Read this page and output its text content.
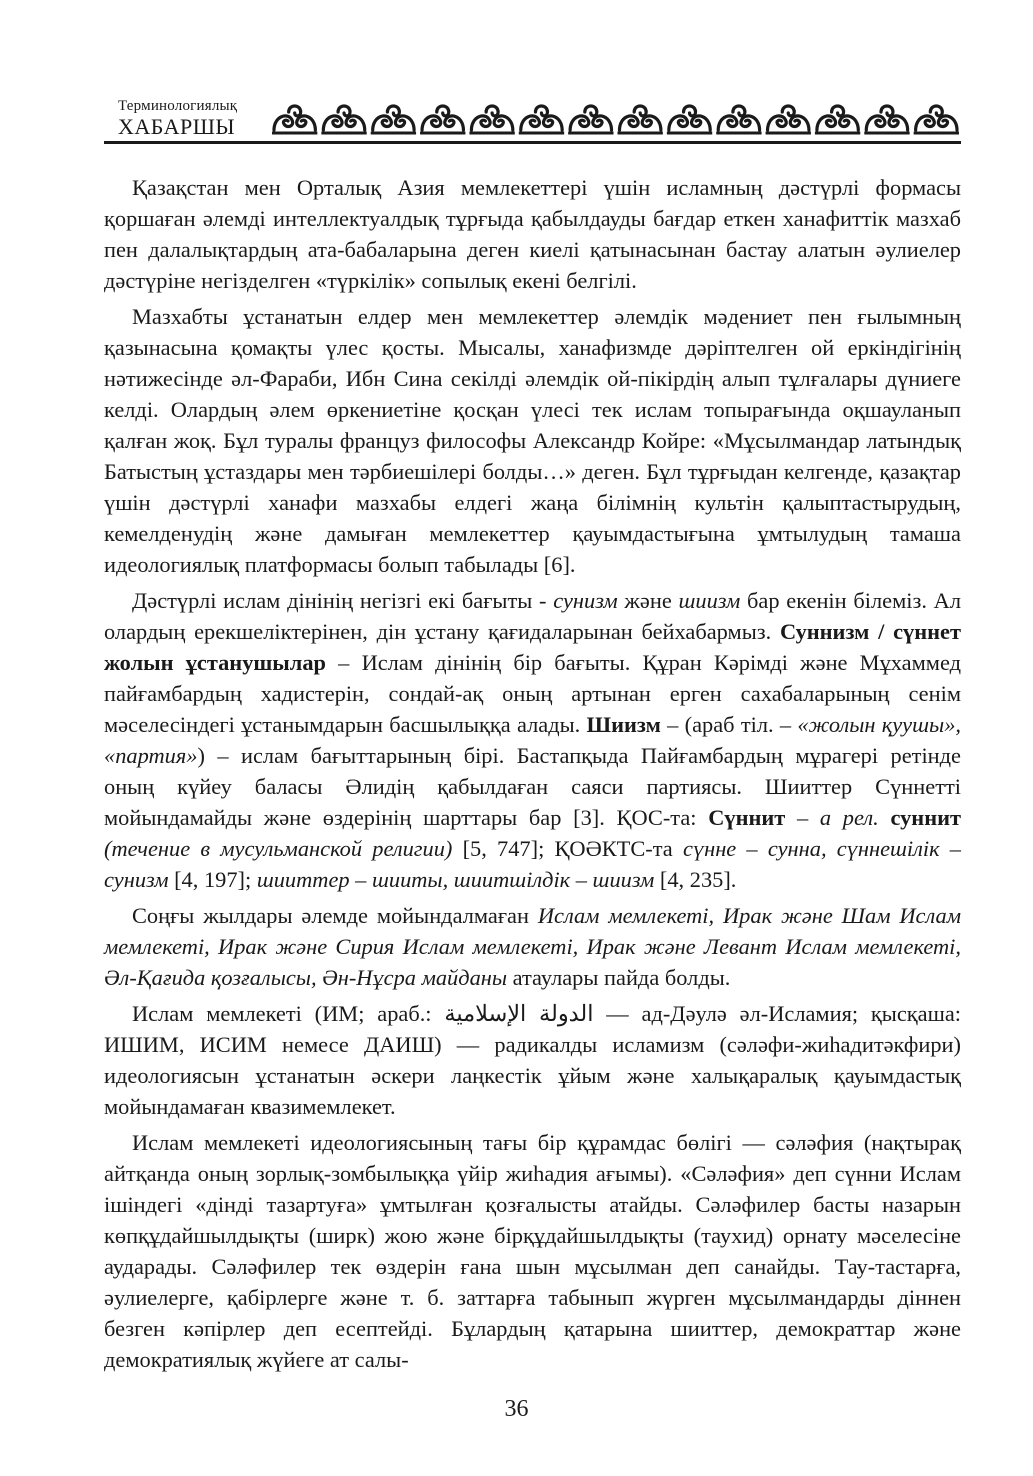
Терминологиялық
ХАБАРШЫ

Қазақстан мен Орталық Азия мемлекеттері үшін исламның дәстүрлі формасы қоршаған әлемді интеллектуалдық тұрғыда қабылдауды бағдар еткен ханафиттік мазхаб пен далалықтардың ата-бабаларына деген киелі қатынасынан бастау алатын әулиелер дәстүріне негізделген «түркілік» сопылық екені белгілі.

Мазхабты ұстанатын елдер мен мемлекеттер әлемдік мәдениет пен ғылымның қазынасына қомақты үлес қосты. Мысалы, ханафизмде дәріптелген ой еркіндігінің нәтижесінде әл-Фараби, Ибн Сина секілді әлемдік ой-пікірдің алып тұлғалары дүниеге келді. Олардың әлем өркениетіне қосқан үлесі тек ислам топырағында оқшауланып қалған жоқ. Бұл туралы француз философы Александр Койре: «Мұсылмандар латындық Батыстың ұстаздары мен тәрбиешілері болды…» деген. Бұл тұрғыдан келгенде, қазақтар үшін дәстүрлі ханафи мазхабы елдегі жаңа білімнің культін қалыптастырудың, кемелденудің және дамыған мемлекеттер қауымдастығына ұмтылудың тамаша идеологиялық платформасы болып табылады [6].

Дәстүрлі ислам дінінің негізгі екі бағыты - сунизм және шиизм бар екенін білеміз. Ал олардың ерекшеліктерінен, дін ұстану қағидаларынан бейхабармыз. Суннизм / сүннет жолын ұстанушылар – Ислам дінінің бір бағыты. Құран Кәрімді және Мұхаммед пайғамбардың хадистерін, сондай-ақ оның артынан ерген сахабаларының сенім мәселесіндегі ұстанымдарын басшылыққа алады. Шиизм – (араб тіл. – «жолын қуушы», «партия») – ислам бағыттарының бірі. Бастапқыда Пайғамбардың мұрагері ретінде оның күйеу баласы Әлидің қабылдаған саяси партиясы. Шииттер Сүннетті мойындамайды және өздерінің шарттары бар [3]. ҚОС-та: Сүннит – а рел. суннит (течение в мусульманской религии) [5, 747]; ҚОӘКТС-та сүнне – сунна, сүннешілік – сунизм [4, 197]; шииттер – шииты, шиитшілдік – шиизм [4, 235].

Соңғы жылдары әлемде мойындалмаған Ислам мемлекеті, Ирак және Шам Ислам мемлекеті, Ирак және Сирия Ислам мемлекеті, Ирак және Левант Ислам мемлекеті, Әл-Қағида қозғалысы, Ән-Нұсра майданы атаулары пайда болды.

Ислам мемлекеті (ИМ; араб.: الدولة الإسلامية — ад-Дәулә әл-Исламия; қысқаша: ИШИМ, ИСИМ немесе ДАИШ) — радикалды исламизм (сәләфи-жиһадитәкфири) идеологиясын ұстанатын әскери лаңкестік ұйым және халықаралық қауымдастық мойындамаған квазимемлекет.

Ислам мемлекеті идеологиясының тағы бір құрамдас бөлігі — сәләфия (нақтырақ айтқанда оның зорлық-зомбылыққа үйір жиһадия ағымы). «Сәләфия» деп сүнни Ислам ішіндегі «дінді тазартуға» ұмтылған қозғалысты атайды. Сәләфилер басты назарын көпқұдайшылдықты (ширк) жою және бірқұдайшылдықты (таухид) орнату мәселесіне аударады. Сәләфилер тек өздерін ғана шын мұсылман деп санайды. Тау-тастарға, әулиелерге, қабірлерге және т. б. заттарға табынып жүрген мұсылмандарды діннен безген кәпірлер деп есептейді. Бұлардың қатарына шииттер, демократтар және демократиялық жүйеге ат салы-

36
